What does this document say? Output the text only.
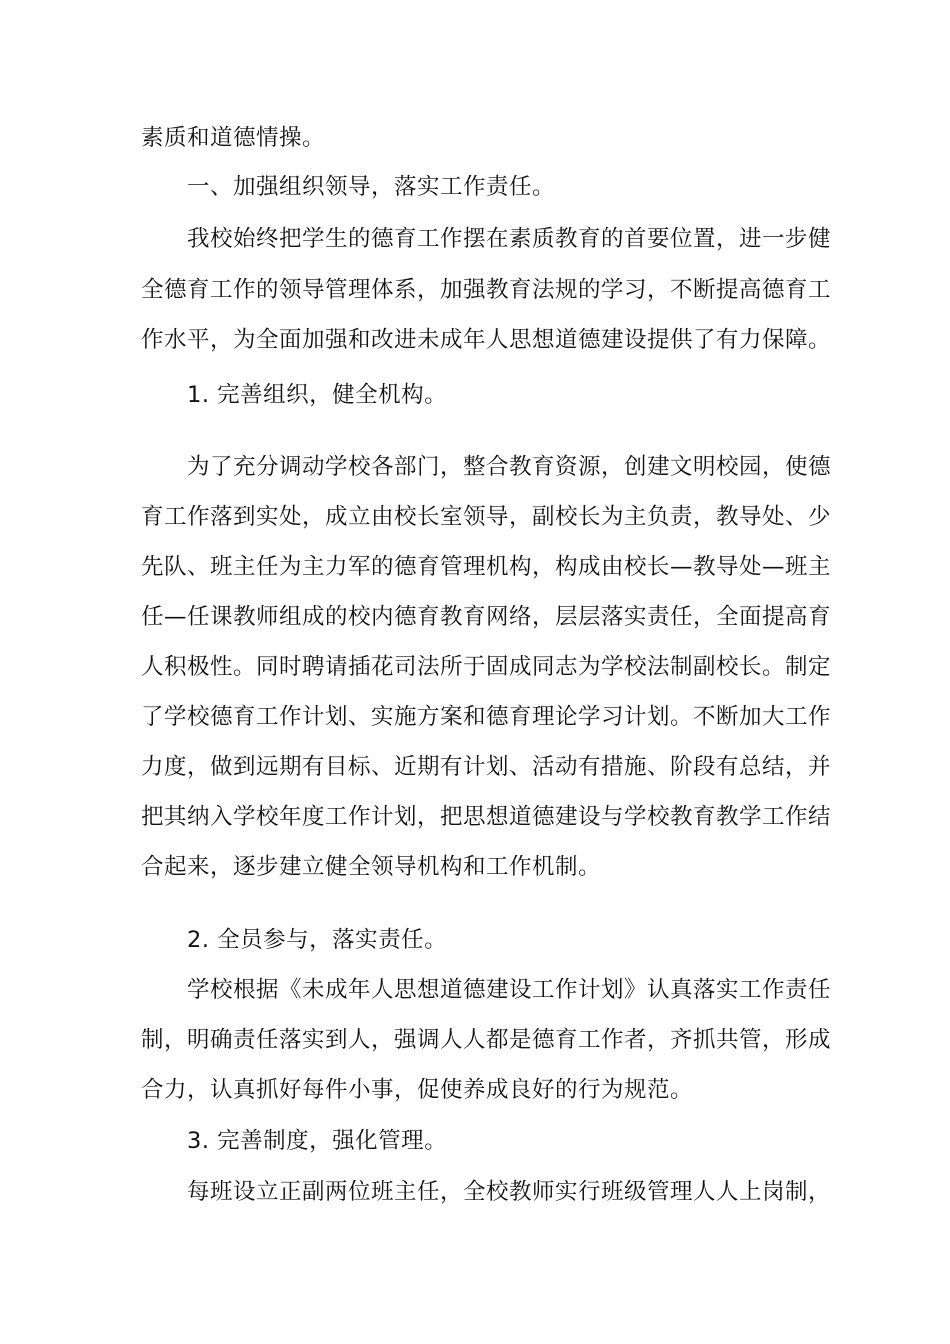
素质和道德情操。
一、加强组织领导，落实工作责任。
我校始终把学生的德育工作摆在素质教育的首要位置，进一步健
全德育工作的领导管理体系，加强教育法规的学习，不断提高德育工
作水平，为全面加强和改进未成年人思想道德建设提供了有力保障。
1. 完善组织，健全机构。
为了充分调动学校各部门，整合教育资源，创建文明校园，使德
育工作落到实处，成立由校长室领导，副校长为主负责，教导处、少
先队、班主任为主力军的德育管理机构，构成由校长—教导处—班主
任—任课教师组成的校内德育教育网络，层层落实责任，全面提高育
人积极性。同时聘请插花司法所于固成同志为学校法制副校长。制定
了学校德育工作计划、实施方案和德育理论学习计划。不断加大工作
力度，做到远期有目标、近期有计划、活动有措施、阶段有总结，并
把其纳入学校年度工作计划，把思想道德建设与学校教育教学工作结
合起来，逐步建立健全领导机构和工作机制。
2. 全员参与，落实责任。
学校根据《未成年人思想道德建设工作计划》认真落实工作责任
制，明确责任落实到人，强调人人都是德育工作者，齐抓共管，形成
合力，认真抓好每件小事，促使养成良好的行为规范。
3. 完善制度，强化管理。
每班设立正副两位班主任，全校教师实行班级管理人人上岗制，
